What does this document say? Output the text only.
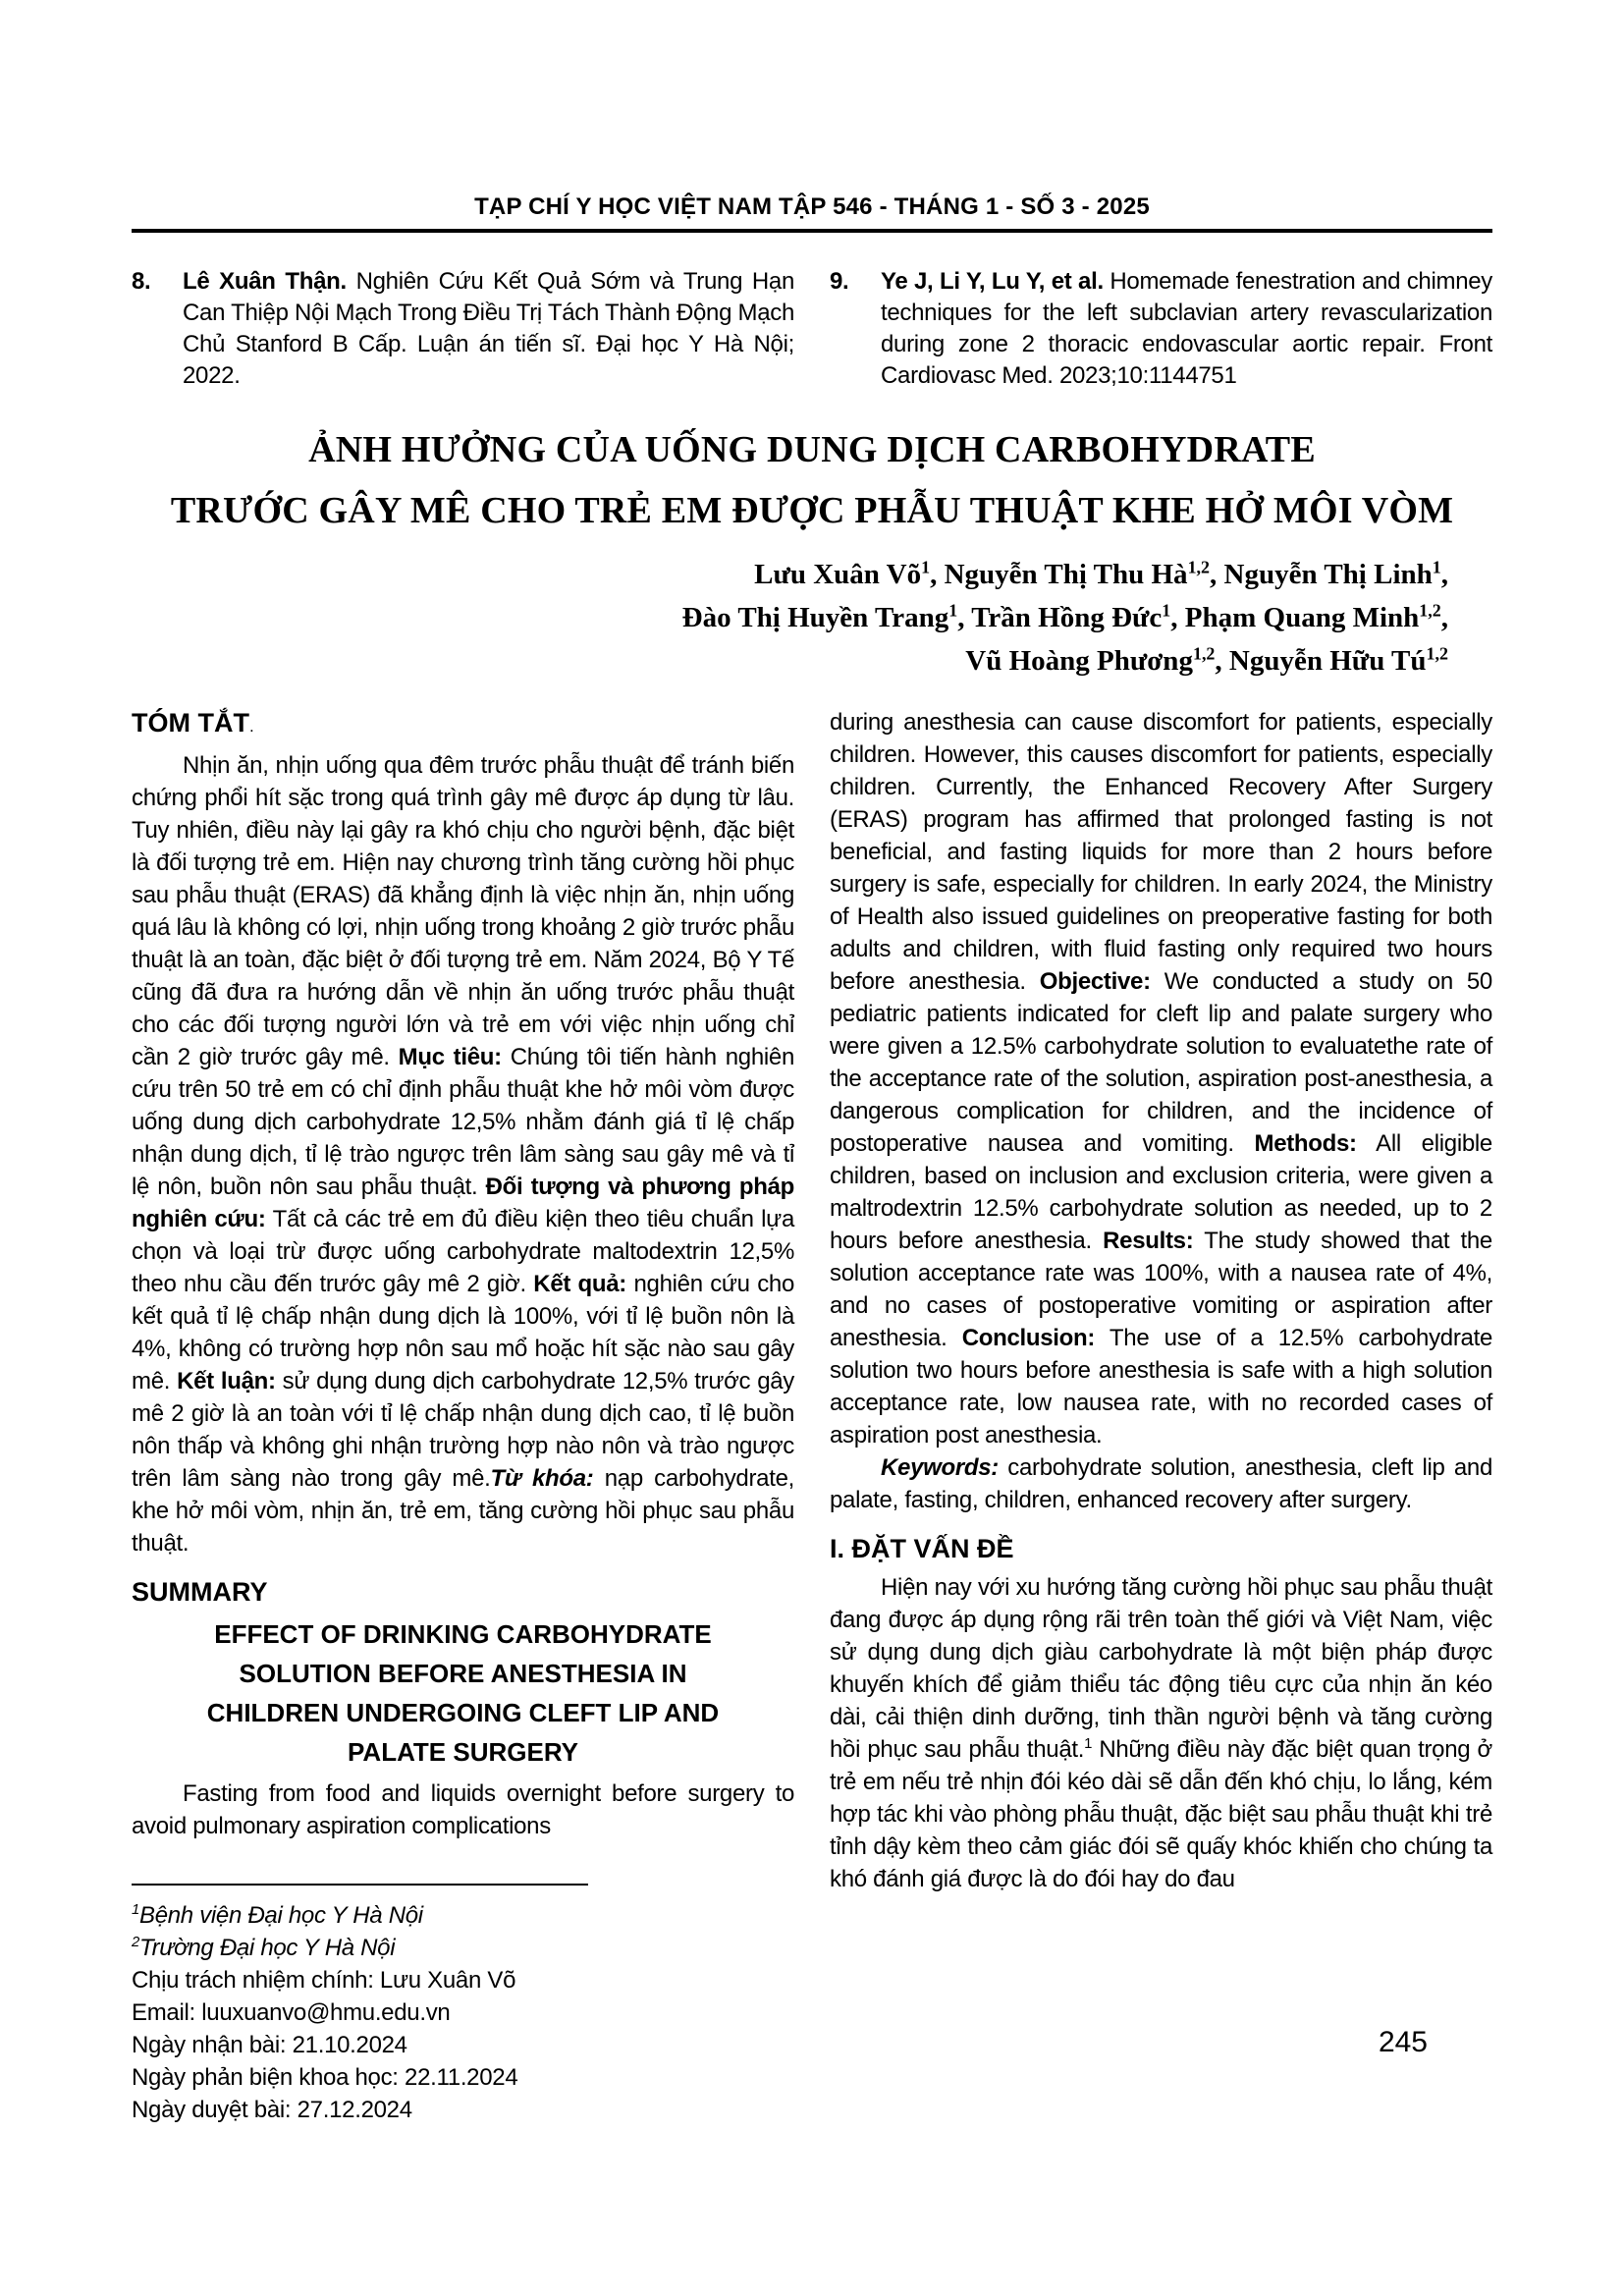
TẠP CHÍ Y HỌC VIỆT NAM TẬP 546 - THÁNG 1 - SỐ 3 - 2025
8.	Lê Xuân Thận. Nghiên Cứu Kết Quả Sớm và Trung Hạn Can Thiệp Nội Mạch Trong Điều Trị Tách Thành Động Mạch Chủ Stanford B Cấp. Luận án tiến sĩ. Đại học Y Hà Nội; 2022.
9.	Ye J, Li Y, Lu Y, et al. Homemade fenestration and chimney techniques for the left subclavian artery revascularization during zone 2 thoracic endovascular aortic repair. Front Cardiovasc Med. 2023;10:1144751
ẢNH HƯỞNG CỦA UỐNG DUNG DỊCH CARBOHYDRATE
TRƯỚC GÂY MÊ CHO TRẺ EM ĐƯỢC PHẪU THUẬT KHE HỞ MÔI VÒM
Lưu Xuân $Võ^1$, Nguyễn Thị Thu Hà$^{1,2}$, Nguyễn Thị Linh$^1$,
Đào Thị Huyền Trang$^1$, Trần Hồng Đức$^1$, Phạm Quang Minh$^{1,2}$,
Vũ Hoàng Phương$^{1,2}$, Nguyễn Hữu Tú$^{1,2}$
TÓM TẮT.

Nhịn ăn, nhịn uống qua đêm trước phẫu thuật để tránh biến chứng phổi hít sặc trong quá trình gây mê được áp dụng từ lâu. Tuy nhiên, điều này lại gây ra khó chịu cho người bệnh, đặc biệt là đối tượng trẻ em. Hiện nay chương trình tăng cường hồi phục sau phẫu thuật (ERAS) đã khẳng định là việc nhịn ăn, nhịn uống quá lâu là không có lợi, nhịn uống trong khoảng 2 giờ trước phẫu thuật là an toàn, đặc biệt ở đối tượng trẻ em. Năm 2024, Bộ Y Tế cũng đã đưa ra hướng dẫn về nhịn ăn uống trước phẫu thuật cho các đối tượng người lớn và trẻ em với việc nhịn uống chỉ cần 2 giờ trước gây mê. Mục tiêu: Chúng tôi tiến hành nghiên cứu trên 50 trẻ em có chỉ định phẫu thuật khe hở môi vòm được uống dung dịch carbohydrate 12,5% nhằm đánh giá tỉ lệ chấp nhận dung dịch, tỉ lệ trào ngược trên lâm sàng sau gây mê và tỉ lệ nôn, buồn nôn sau phẫu thuật. Đối tượng và phương pháp nghiên cứu: Tất cả các trẻ em đủ điều kiện theo tiêu chuẩn lựa chọn và loại trừ được uống carbohydrate maltodextrin 12,5% theo nhu cầu đến trước gây mê 2 giờ. Kết quả: nghiên cứu cho kết quả tỉ lệ chấp nhận dung dịch là 100%, với tỉ lệ buồn nôn là 4%, không có trường hợp nôn sau mổ hoặc hít sặc nào sau gây mê. Kết luận: sử dụng dung dịch carbohydrate 12,5% trước gây mê 2 giờ là an toàn với tỉ lệ chấp nhận dung dịch cao, tỉ lệ buồn nôn thấp và không ghi nhận trường hợp nào nôn và trào ngược trên lâm sàng nào trong gây mê.Từ khóa: nạp carbohydrate, khe hở môi vòm, nhịn ăn, trẻ em, tăng cường hồi phục sau phẫu thuật.

SUMMARY
EFFECT OF DRINKING CARBOHYDRATE SOLUTION BEFORE ANESTHESIA IN CHILDREN UNDERGOING CLEFT LIP AND PALATE SURGERY

Fasting from food and liquids overnight before surgery to avoid pulmonary aspiration complications

$^1$Bệnh viện Đại học Y Hà Nội
$^2$Trường Đại học Y Hà Nội
Chịu trách nhiệm chính: Lưu Xuân Võ
Email: luuxuanvo@hmu.edu.vn
Ngày nhận bài: 21.10.2024
Ngày phản biện khoa học: 22.11.2024
Ngày duyệt bài: 27.12.2024

during anesthesia can cause discomfort for patients, especially children. However, this causes discomfort for patients, especially children. Currently, the Enhanced Recovery After Surgery (ERAS) program has affirmed that prolonged fasting is not beneficial, and fasting liquids for more than 2 hours before surgery is safe, especially for children. In early 2024, the Ministry of Health also issued guidelines on preoperative fasting for both adults and children, with fluid fasting only required two hours before anesthesia. Objective: We conducted a study on 50 pediatric patients indicated for cleft lip and palate surgery who were given a 12.5% carbohydrate solution to evaluatethe rate of the acceptance rate of the solution, aspiration post-anesthesia, a dangerous complication for children, and the incidence of postoperative nausea and vomiting. Methods: All eligible children, based on inclusion and exclusion criteria, were given a maltrodextrin 12.5% carbohydrate solution as needed, up to 2 hours before anesthesia. Results: The study showed that the solution acceptance rate was 100%, with a nausea rate of 4%, and no cases of postoperative vomiting or aspiration after anesthesia. Conclusion: The use of a 12.5% carbohydrate solution two hours before anesthesia is safe with a high solution acceptance rate, low nausea rate, with no recorded cases of aspiration post anesthesia.

Keywords: carbohydrate solution, anesthesia, cleft lip and palate, fasting, children, enhanced recovery after surgery.

I. ĐẶT VẤN ĐỀ

Hiện nay với xu hướng tăng cường hồi phục sau phẫu thuật đang được áp dụng rộng rãi trên toàn thế giới và Việt Nam, việc sử dụng dung dịch giàu carbohydrate là một biện pháp được khuyến khích để giảm thiểu tác động tiêu cực của nhịn ăn kéo dài, cải thiện dinh dưỡng, tinh thần người bệnh và tăng cường hồi phục sau phẫu thuật.$^1$ Những điều này đặc biệt quan trọng ở trẻ em nếu trẻ nhịn đói kéo dài sẽ dẫn đến khó chịu, lo lắng, kém hợp tác khi vào phòng phẫu thuật, đặc biệt sau phẫu thuật khi trẻ tỉnh dậy kèm theo cảm giác đói sẽ quấy khóc khiến cho chúng ta khó đánh giá được là do đói hay do đau

245
